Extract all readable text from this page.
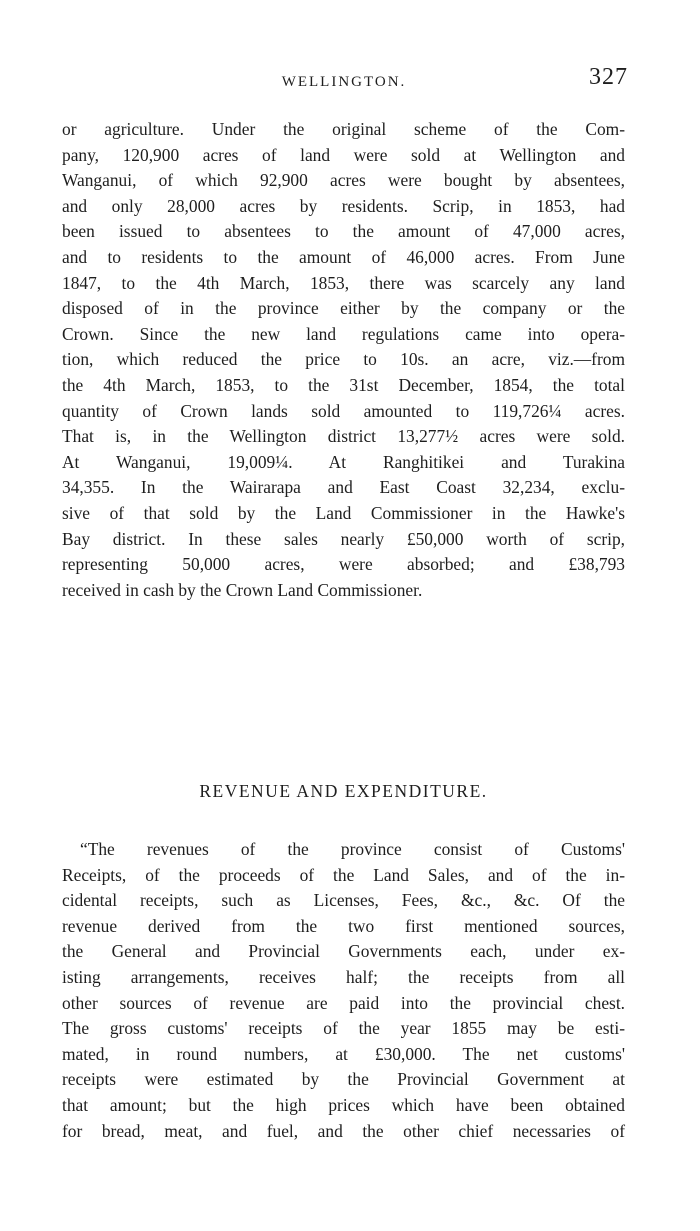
WELLINGTON.	327

or agriculture. Under the original scheme of the Com-
pany, 120,900 acres of land were sold at Wellington and
Wanganui, of which 92,900 acres were bought by absentees,
and only 28,000 acres by residents. Scrip, in 1853, had
been issued to absentees to the amount of 47,000 acres,
and to residents to the amount of 46,000 acres. From June
1847, to the 4th March, 1853, there was scarcely any land
disposed of in the province either by the company or the
Crown. Since the new land regulations came into opera-
tion, which reduced the price to 10s. an acre, viz.—from
the 4th March, 1853, to the 31st December, 1854, the total
quantity of Crown lands sold amounted to 119,726¼ acres.
That is, in the Wellington district 13,277½ acres were sold.
At Wanganui, 19,009¼. At Ranghitikei and Turakina
34,355. In the Wairarapa and East Coast 32,234, exclu-
sive of that sold by the Land Commissioner in the Hawke's
Bay district. In these sales nearly £50,000 worth of scrip,
representing 50,000 acres, were absorbed; and £38,793
received in cash by the Crown Land Commissioner.

REVENUE AND EXPENDITURE.

“The revenues of the province consist of Customs'
Receipts, of the proceeds of the Land Sales, and of the in-
cidental receipts, such as Licenses, Fees, &c., &c. Of the
revenue derived from the two first mentioned sources,
the General and Provincial Governments each, under ex-
isting arrangements, receives half; the receipts from all
other sources of revenue are paid into the provincial chest.
The gross customs' receipts of the year 1855 may be esti-
mated, in round numbers, at £30,000. The net customs'
receipts were estimated by the Provincial Government at
that amount; but the high prices which have been obtained
for bread, meat, and fuel, and the other chief necessaries of
